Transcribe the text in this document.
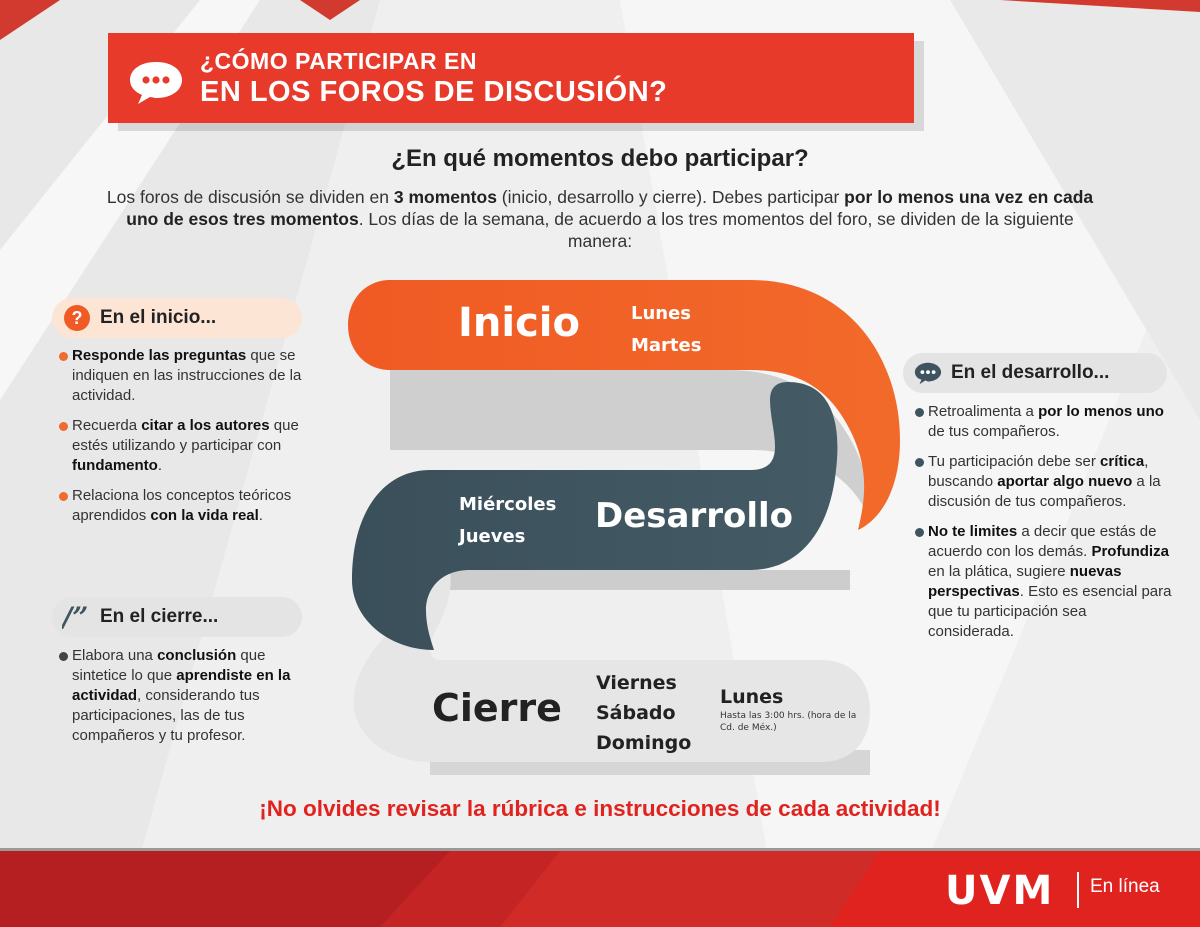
¿CÓMO PARTICIPAR EN
EN LOS FOROS DE DISCUSIÓN?
¿En qué momentos debo participar?
Los foros de discusión se dividen en 3 momentos (inicio, desarrollo y cierre). Debes participar por lo menos una vez en cada uno de esos tres momentos. Los días de la semana, de acuerdo a los tres momentos del foro, se dividen de la siguiente manera:
Inicio	Lunes
Martes
Miércoles
Jueves
Desarrollo
Cierre
Viernes
Sábado
Domingo
Lunes
Hasta las 3:00 hrs. (hora de la Cd. de Méx.)
? En el inicio...
Responde las preguntas que se indiquen en las instrucciones de la actividad.
Recuerda citar a los autores que estés utilizando y participar con fundamento.
Relaciona los conceptos teóricos aprendidos con la vida real.
/” En el cierre...
Elabora una conclusión que sintetice lo que aprendiste en la actividad, considerando tus participaciones, las de tus compañeros y tu profesor.
En el desarrollo...
Retroalimenta a por lo menos uno de tus compañeros.
Tu participación debe ser crítica, buscando aportar algo nuevo a la discusión de tus compañeros.
No te limites a decir que estás de acuerdo con los demás. Profundiza en la plática, sugiere nuevas perspectivas. Esto es esencial para que tu participación sea considerada.
¡No olvides revisar la rúbrica e instrucciones de cada actividad!
UVM En línea
